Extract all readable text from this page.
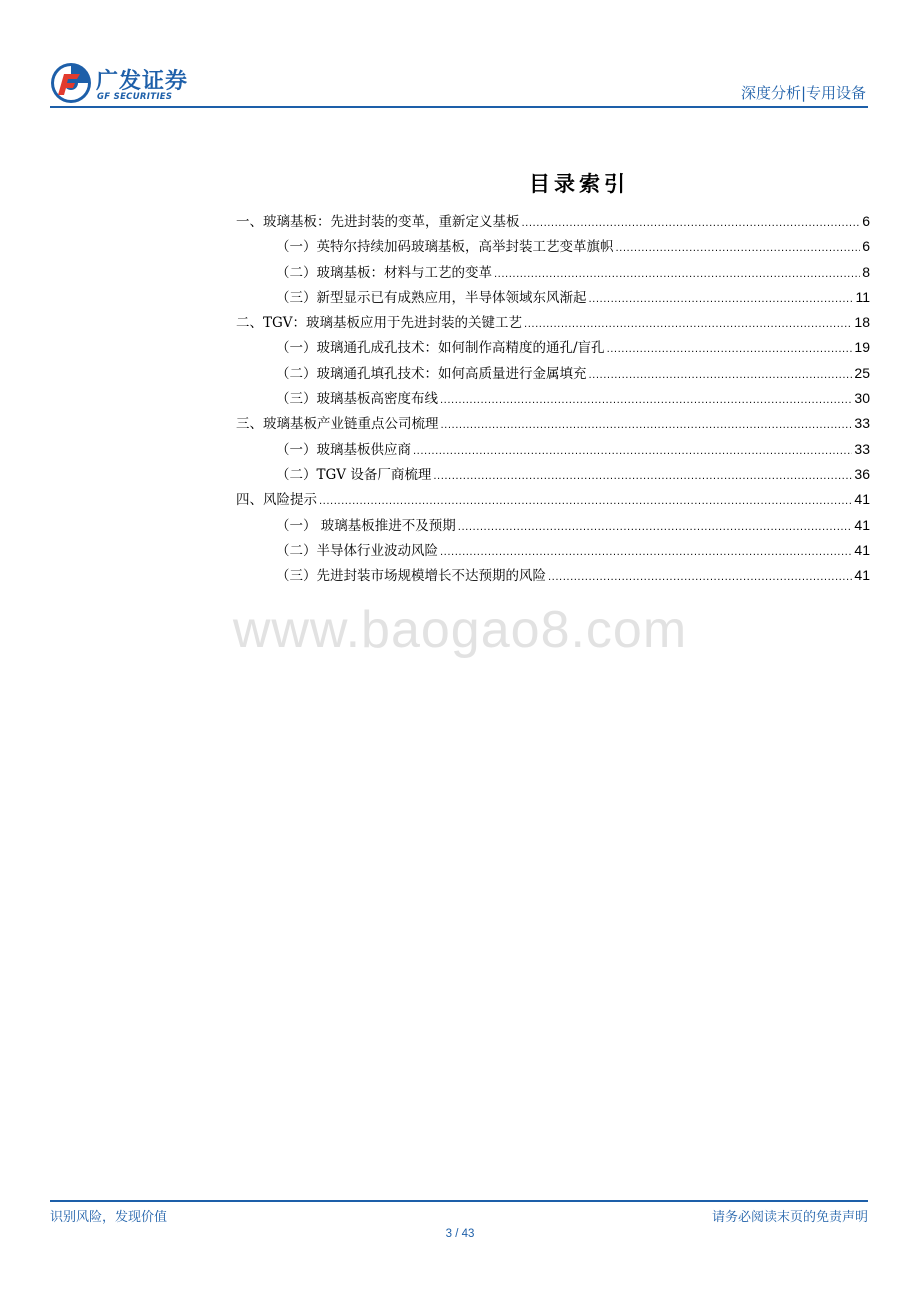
广发证券
GF SECURITIES	深度分析|专用设备
目录索引
一、玻璃基板：先进封装的变革，重新定义基板 .....	6
（一）英特尔持续加码玻璃基板，高举封装工艺变革旗帜 .....	6
（二）玻璃基板：材料与工艺的变革 .....	8
（三）新型显示已有成熟应用，半导体领域东风渐起 .....	11
二、TGV：玻璃基板应用于先进封装的关键工艺 .....	18
（一）玻璃通孔成孔技术：如何制作高精度的通孔/盲孔 .....	19
（二）玻璃通孔填孔技术：如何高质量进行金属填充 .....	25
（三）玻璃基板高密度布线 .....	30
三、玻璃基板产业链重点公司梳理 .....	33
（一）玻璃基板供应商 .....	33
（二）TGV 设备厂商梳理 .....	36
四、风险提示 .....	41
（一） 玻璃基板推进不及预期 .....	41
（二）半导体行业波动风险 .....	41
（三）先进封装市场规模增长不达预期的风险 .....	41
www.baogao8.com
识别风险，发现价值	请务必阅读末页的免责声明
3 / 43
